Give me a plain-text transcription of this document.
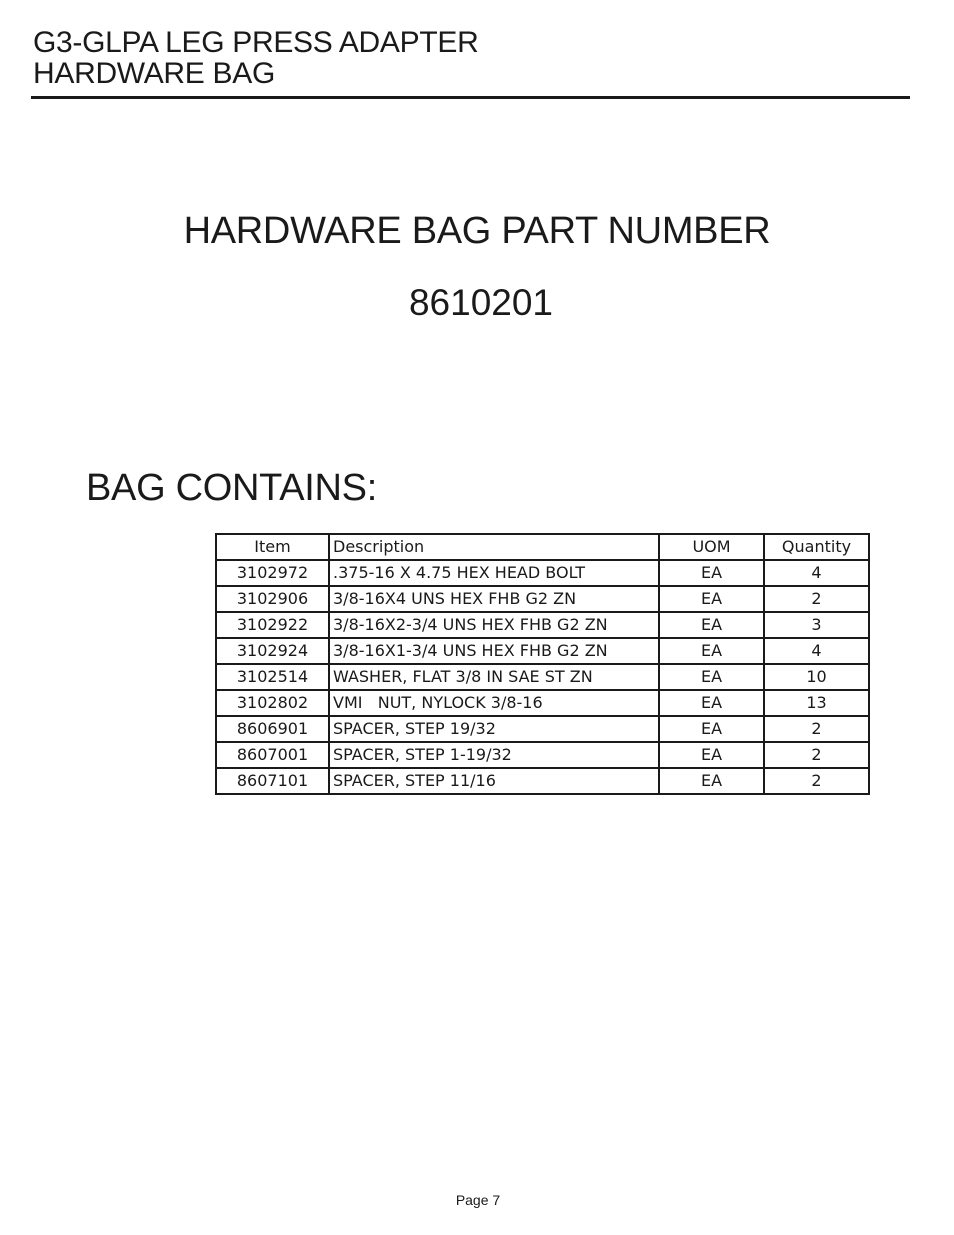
G3-GLPA LEG PRESS ADAPTER
HARDWARE BAG
HARDWARE BAG PART NUMBER
8610201
BAG CONTAINS:
Item	Description	UOM	Quantity
3102972	.375-16 X 4.75 HEX HEAD BOLT	EA	4
3102906	3/8-16X4 UNS HEX FHB G2 ZN	EA	2
3102922	3/8-16X2-3/4 UNS HEX FHB G2 ZN	EA	3
3102924	3/8-16X1-3/4 UNS HEX FHB G2 ZN	EA	4
3102514	WASHER, FLAT 3/8 IN SAE ST ZN	EA	10
3102802	VMI   NUT, NYLOCK 3/8-16	EA	13
8606901	SPACER, STEP 19/32	EA	2
8607001	SPACER, STEP 1-19/32	EA	2
8607101	SPACER, STEP 11/16	EA	2
Page 7
